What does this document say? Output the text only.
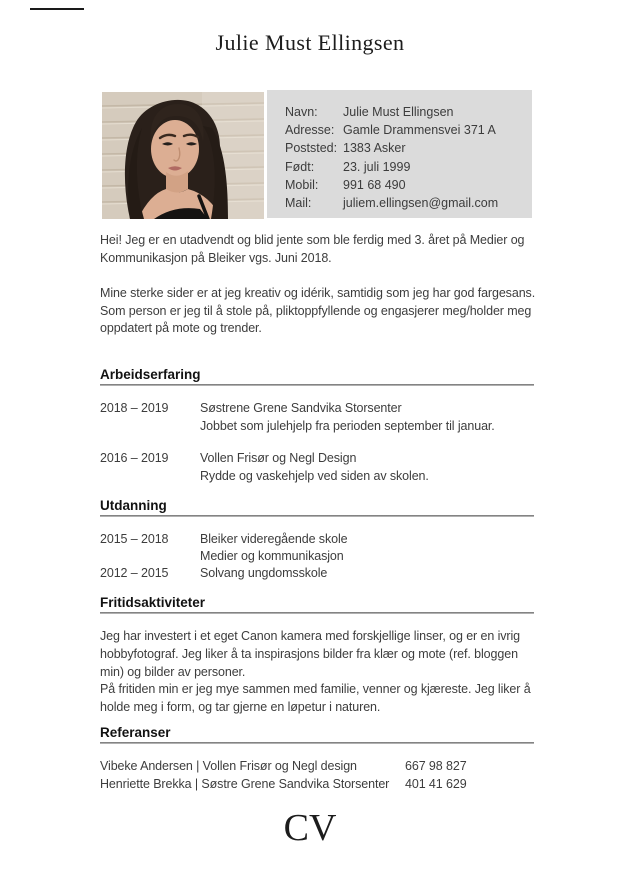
Julie Must Ellingsen
Navn: Julie Must Ellingsen
Adresse: Gamle Drammensvei 371 A
Poststed: 1383 Asker
Født: 23. juli 1999
Mobil: 991 68 490
Mail:	juliem.ellingsen@gmail.com

Hei! Jeg er en utadvendt og blid jente som ble ferdig med 3. året på Medier og Kommunikasjon på Bleiker vgs. Juni 2018.

Mine sterke sider er at jeg kreativ og idérik, samtidig som jeg har god fargesans. Som person er jeg til å stole på, pliktoppfyllende og engasjerer meg/holder meg oppdatert på mote og trender.

Arbeidserfaring
2018 – 2019	Søstrene Grene Sandvika Storsenter
Jobbet som julehjelp fra perioden september til januar.
2016 – 2019	Vollen Frisør og Negl Design
Rydde og vaskehjelp ved siden av skolen.
Utdanning
2015 – 2018	Bleiker videregående skole
Medier og kommunikasjon
2012 – 2015	Solvang ungdomsskole
Fritidsaktiviteter

Jeg har investert i et eget Canon kamera med forskjellige linser, og er en ivrig hobbyfotograf. Jeg liker å ta inspirasjons bilder fra klær og mote (ref. bloggen min) og bilder av personer.

På fritiden min er jeg mye sammen med familie, venner og kjæreste. Jeg liker å holde meg i form, og tar gjerne en løpetur i naturen.

Referanser
Vibeke Andersen | Vollen Frisør og Negl design	667 98 827
Henriette Brekka | Søstre Grene Sandvika Storsenter	401 41 629
CV
